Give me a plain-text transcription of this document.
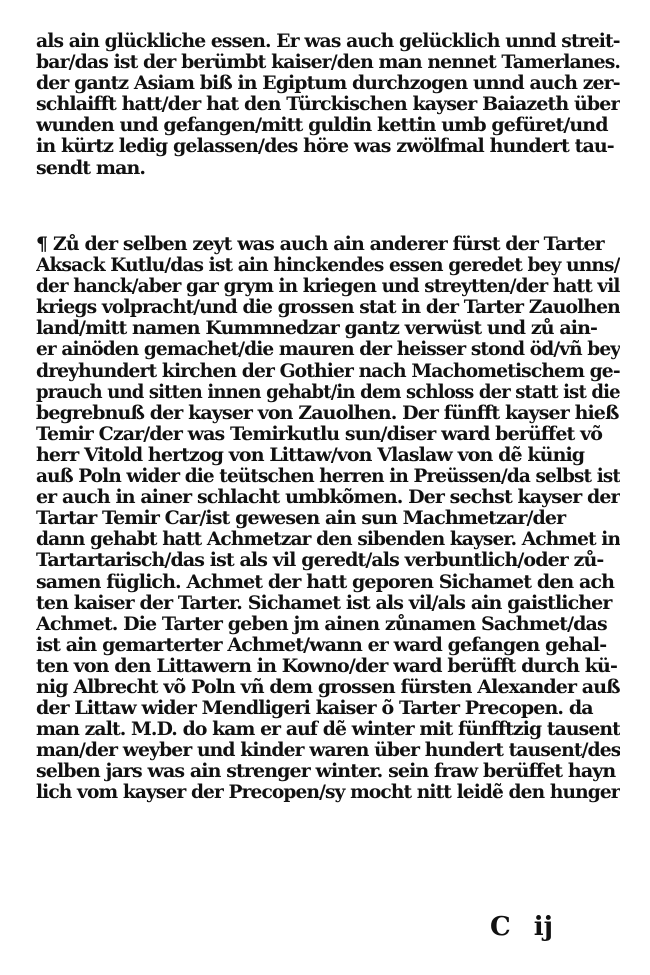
als ain glückliche essen. Er was auch gelücklich unnd streit-
bar/das ist der berümbt kaiser/den man nennet Tamerlanes.
der gantz Asiam biß in Egiptum durchzogen unnd auch zer-
schlaifft hatt/der hat den Türckischen kayser Baiazeth über
wunden und gefangen/mitt guldin kettin umb gefüret/und
in kürtz ledig gelassen/des höre was zwölfmal hundert tau-
sendt man.
¶ Zů der selben zeyt was auch ain anderer fürst der Tarter
Aksack Kutlu/das ist ain hinckendes essen geredet bey unns/
der hanck/aber gar grym in kriegen und streytten/der hatt vil
kriegs volpracht/und die grossen stat in der Tarter Zauolhen
land/mitt namen Kummnedzar gantz verwüst und zů ain-
er ainöden gemachet/die mauren der heisser stond öd/vñ bey
dreyhundert kirchen der Gothier nach Machometischem ge-
prauch und sitten innen gehabt/in dem schloss der statt ist die
begrebnuß der kayser von Zauolhen. Der fünfft kayser hieß
Temir Czar/der was Temirkutlu sun/diser ward berüffet võ
herr Vitold hertzog von Littaw/von Vlaslaw von dẽ künig
auß Poln wider die teütschen herren in Preüssen/da selbst ist
er auch in ainer schlacht umbkõmen. Der sechst kayser der
Tartar Temir Car/ist gewesen ain sun Machmetzar/der
dann gehabt hatt Achmetzar den sibenden kayser. Achmet in
Tartartarisch/das ist als vil geredt/als verbuntlich/oder zů-
samen füglich. Achmet der hatt geporen Sichamet den ach
ten kaiser der Tarter. Sichamet ist als vil/als ain gaistlicher
Achmet. Die Tarter geben jm ainen zůnamen Sachmet/das
ist ain gemarterter Achmet/wann er ward gefangen gehal-
ten von den Littawern in Kowno/der ward berüfft durch kü-
nig Albrecht võ Poln vñ dem grossen fürsten Alexander auß
der Littaw wider Mendligeri kaiser õ Tarter Precopen. da
man zalt. M.D. do kam er auf dẽ winter mit fünfftzig tausent
man/der weyber und kinder waren über hundert tausent/des
selben jars was ain strenger winter. sein fraw berüffet hayn
lich vom kayser der Precopen/sy mocht nitt leidẽ den hunger
C ij
